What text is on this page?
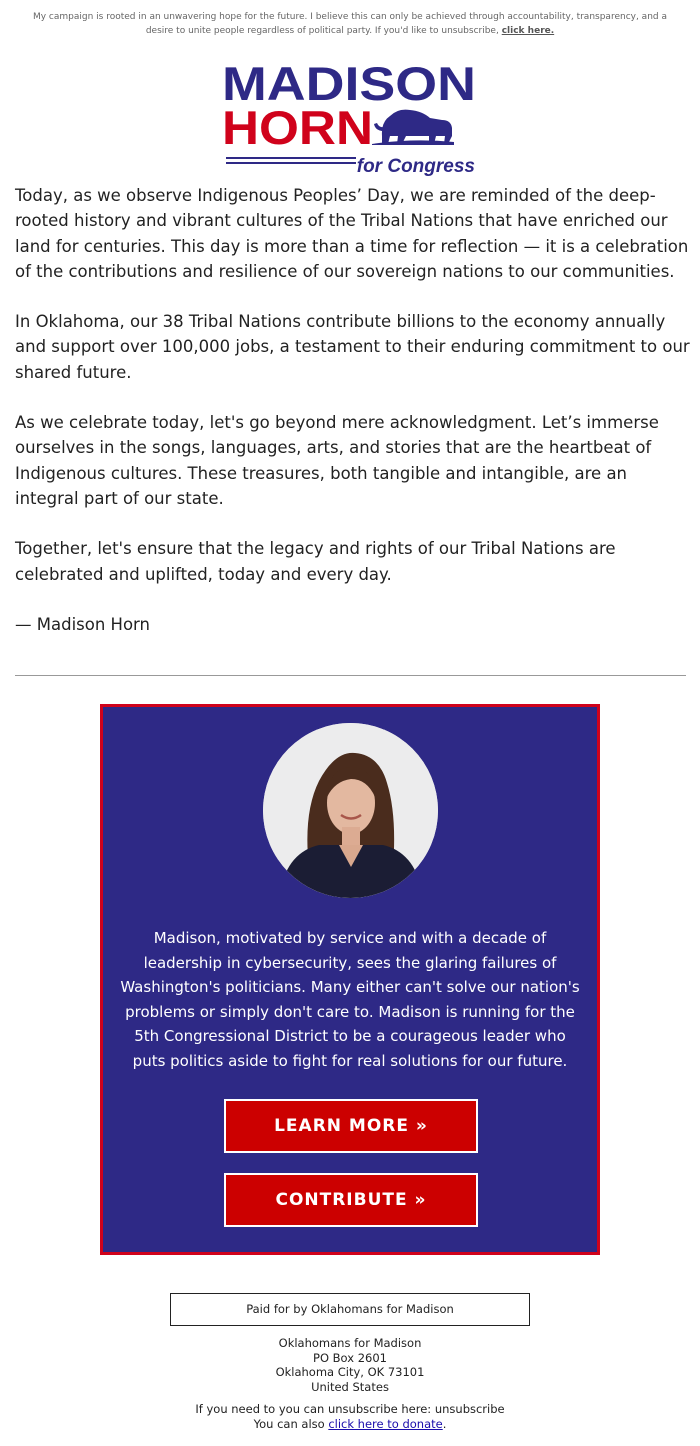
My campaign is rooted in an unwavering hope for the future. I believe this can only be achieved through accountability, transparency, and a desire to unite people regardless of political party. If you'd like to unsubscribe, click here.
MADISON
HORN
for Congress

Today, as we observe Indigenous Peoples’ Day, we are reminded of the deep-rooted history and vibrant cultures of the Tribal Nations that have enriched our land for centuries. This day is more than a time for reflection — it is a celebration of the contributions and resilience of our sovereign nations to our communities.

In Oklahoma, our 38 Tribal Nations contribute billions to the economy annually and support over 100,000 jobs, a testament to their enduring commitment to our shared future.

As we celebrate today, let's go beyond mere acknowledgment. Let’s immerse ourselves in the songs, languages, arts, and stories that are the heartbeat of Indigenous cultures. These treasures, both tangible and intangible, are an integral part of our state.

Together, let's ensure that the legacy and rights of our Tribal Nations are celebrated and uplifted, today and every day.

— Madison Horn

Madison, motivated by service and with a decade of leadership in cybersecurity, sees the glaring failures of Washington's politicians. Many either can't solve our nation's problems or simply don't care to. Madison is running for the 5th Congressional District to be a courageous leader who puts politics aside to fight for real solutions for our future.
LEARN MORE »
CONTRIBUTE »
Paid for by Oklahomans for Madison
Oklahomans for Madison
PO Box 2601
Oklahoma City, OK 73101
United States
If you need to you can unsubscribe here: unsubscribe
You can also click here to donate.
